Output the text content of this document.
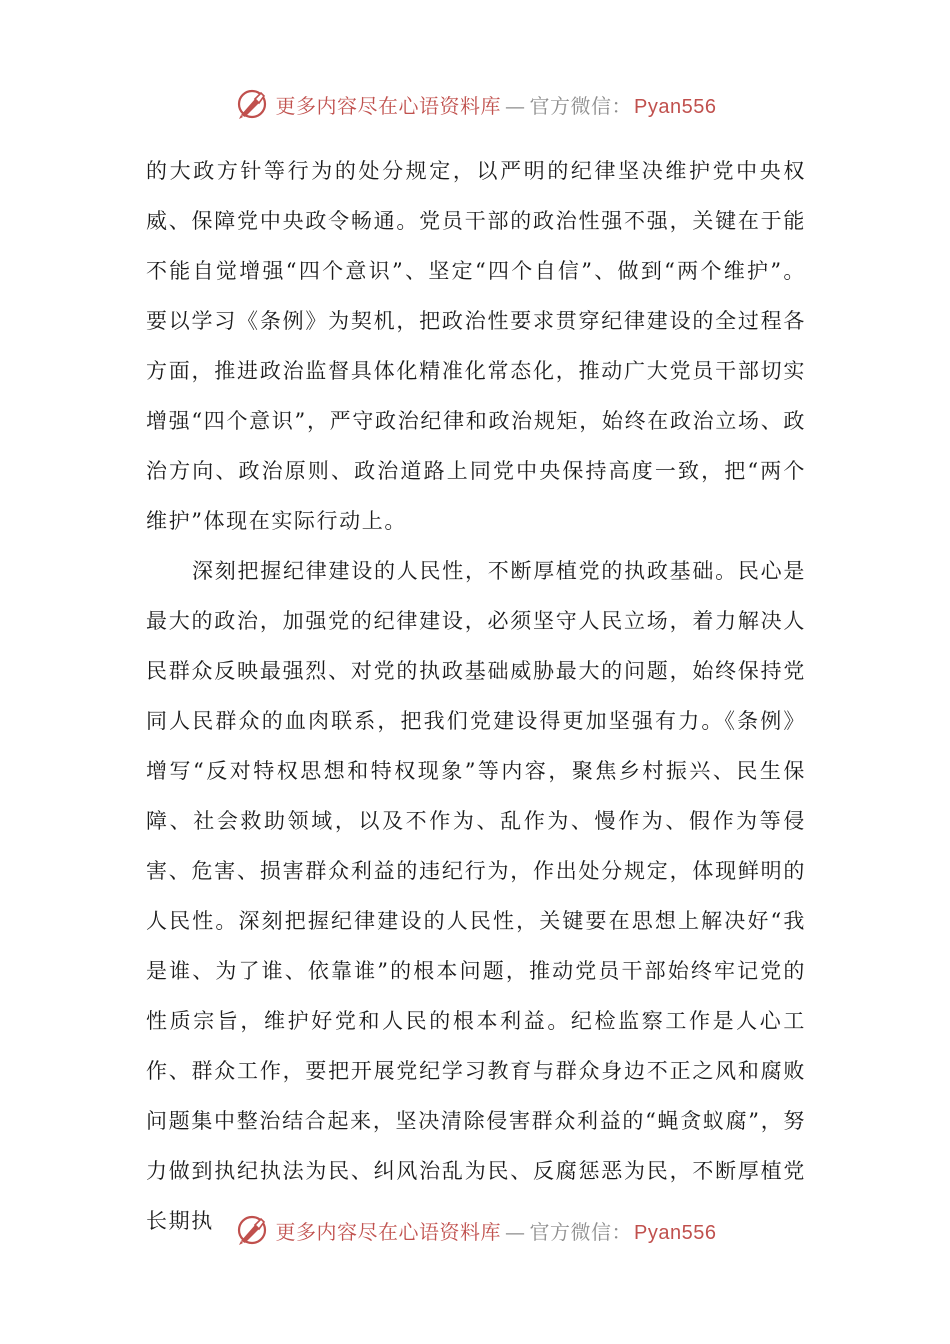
更多内容尽在心语资料库 — 官方微信： Pyan556

的大政方针等行为的处分规定，以严明的纪律坚决维护党中央权威、保障党中央政令畅通。党员干部的政治性强不强，关键在于能不能自觉增强“四个意识”、坚定“四个自信”、做到“两个维护”。要以学习《条例》为契机，把政治性要求贯穿纪律建设的全过程各方面，推进政治监督具体化精准化常态化，推动广大党员干部切实增强“四个意识”，严守政治纪律和政治规矩，始终在政治立场、政治方向、政治原则、政治道路上同党中央保持高度一致，把“两个维护”体现在实际行动上。

深刻把握纪律建设的人民性，不断厚植党的执政基础。民心是最大的政治，加强党的纪律建设，必须坚守人民立场，着力解决人民群众反映最强烈、对党的执政基础威胁最大的问题，始终保持党同人民群众的血肉联系，把我们党建设得更加坚强有力。《条例》增写“反对特权思想和特权现象”等内容，聚焦乡村振兴、民生保障、社会救助领域，以及不作为、乱作为、慢作为、假作为等侵害、危害、损害群众利益的违纪行为，作出处分规定，体现鲜明的人民性。深刻把握纪律建设的人民性，关键要在思想上解决好“我是谁、为了谁、依靠谁”的根本问题，推动党员干部始终牢记党的性质宗旨，维护好党和人民的根本利益。纪检监察工作是人心工作、群众工作，要把开展党纪学习教育与群众身边不正之风和腐败问题集中整治结合起来，坚决清除侵害群众利益的“蝇贪蚁腐”，努力做到执纪执法为民、纠风治乱为民、反腐惩恶为民，不断厚植党长期执	更多内容尽在心语资料库 — 官方微信： Pyan556
